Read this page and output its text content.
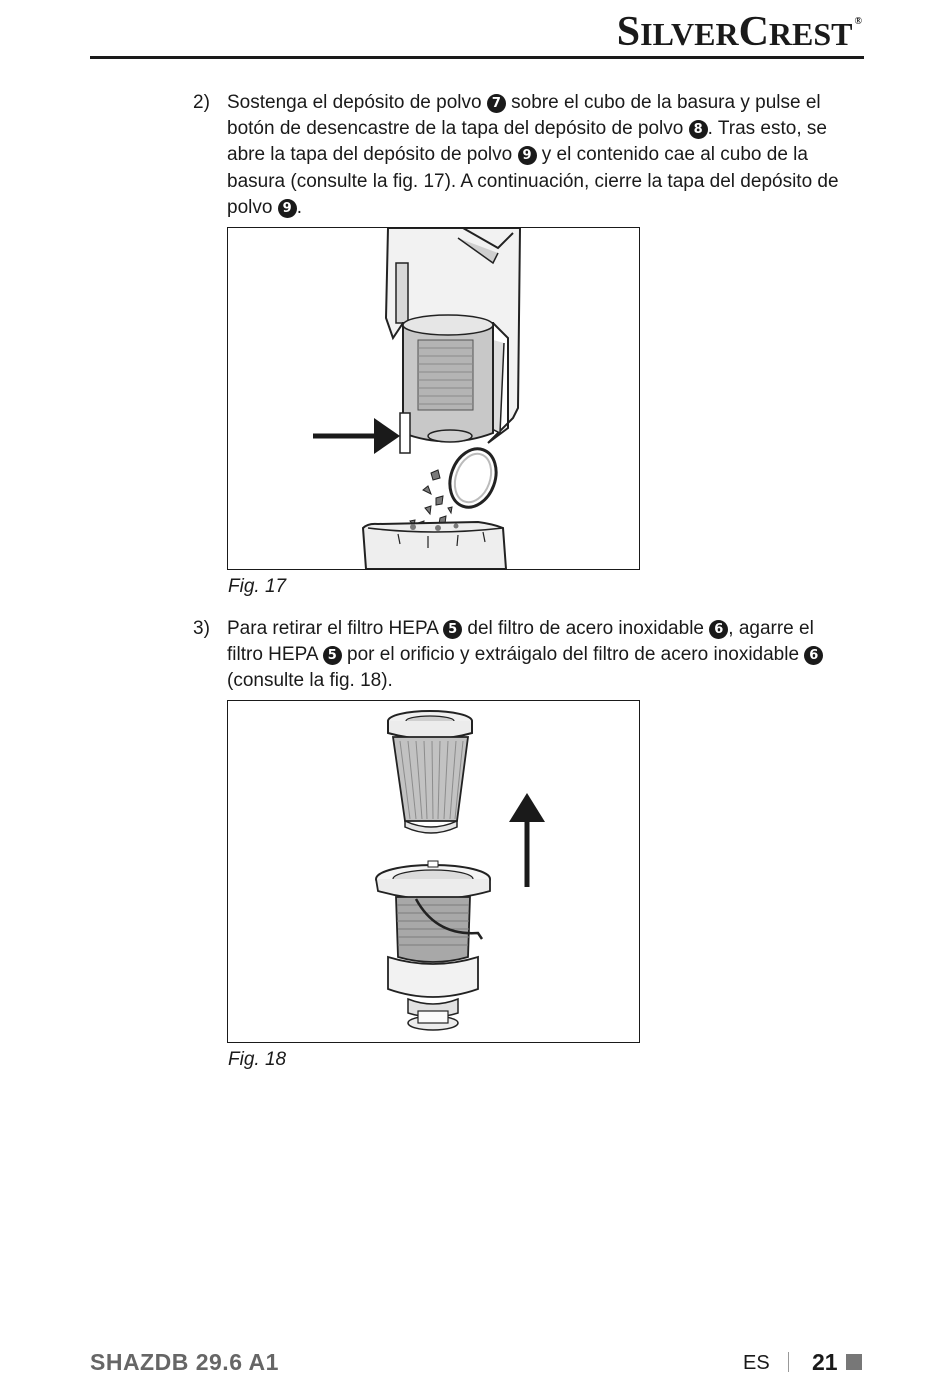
SILVERCREST ®
2) Sostenga el depósito de polvo 7 sobre el cubo de la basura y pulse el botón de desencastre de la tapa del depósito de polvo 8 . Tras esto, se abre la tapa del depósito de polvo 9 y el contenido cae al cubo de la basura (consulte la fig. 17). A continuación, cierre la tapa del depósito de polvo 9 .
Fig. 17
3) Para retirar el filtro HEPA 5 del filtro de acero inoxidable 6 , agarre el filtro HEPA 5 por el orificio y extráigalo del filtro de acero inoxidable 6 (consulte la fig. 18).
Fig. 18
SHAZDB 29.6 A1	ES 21
